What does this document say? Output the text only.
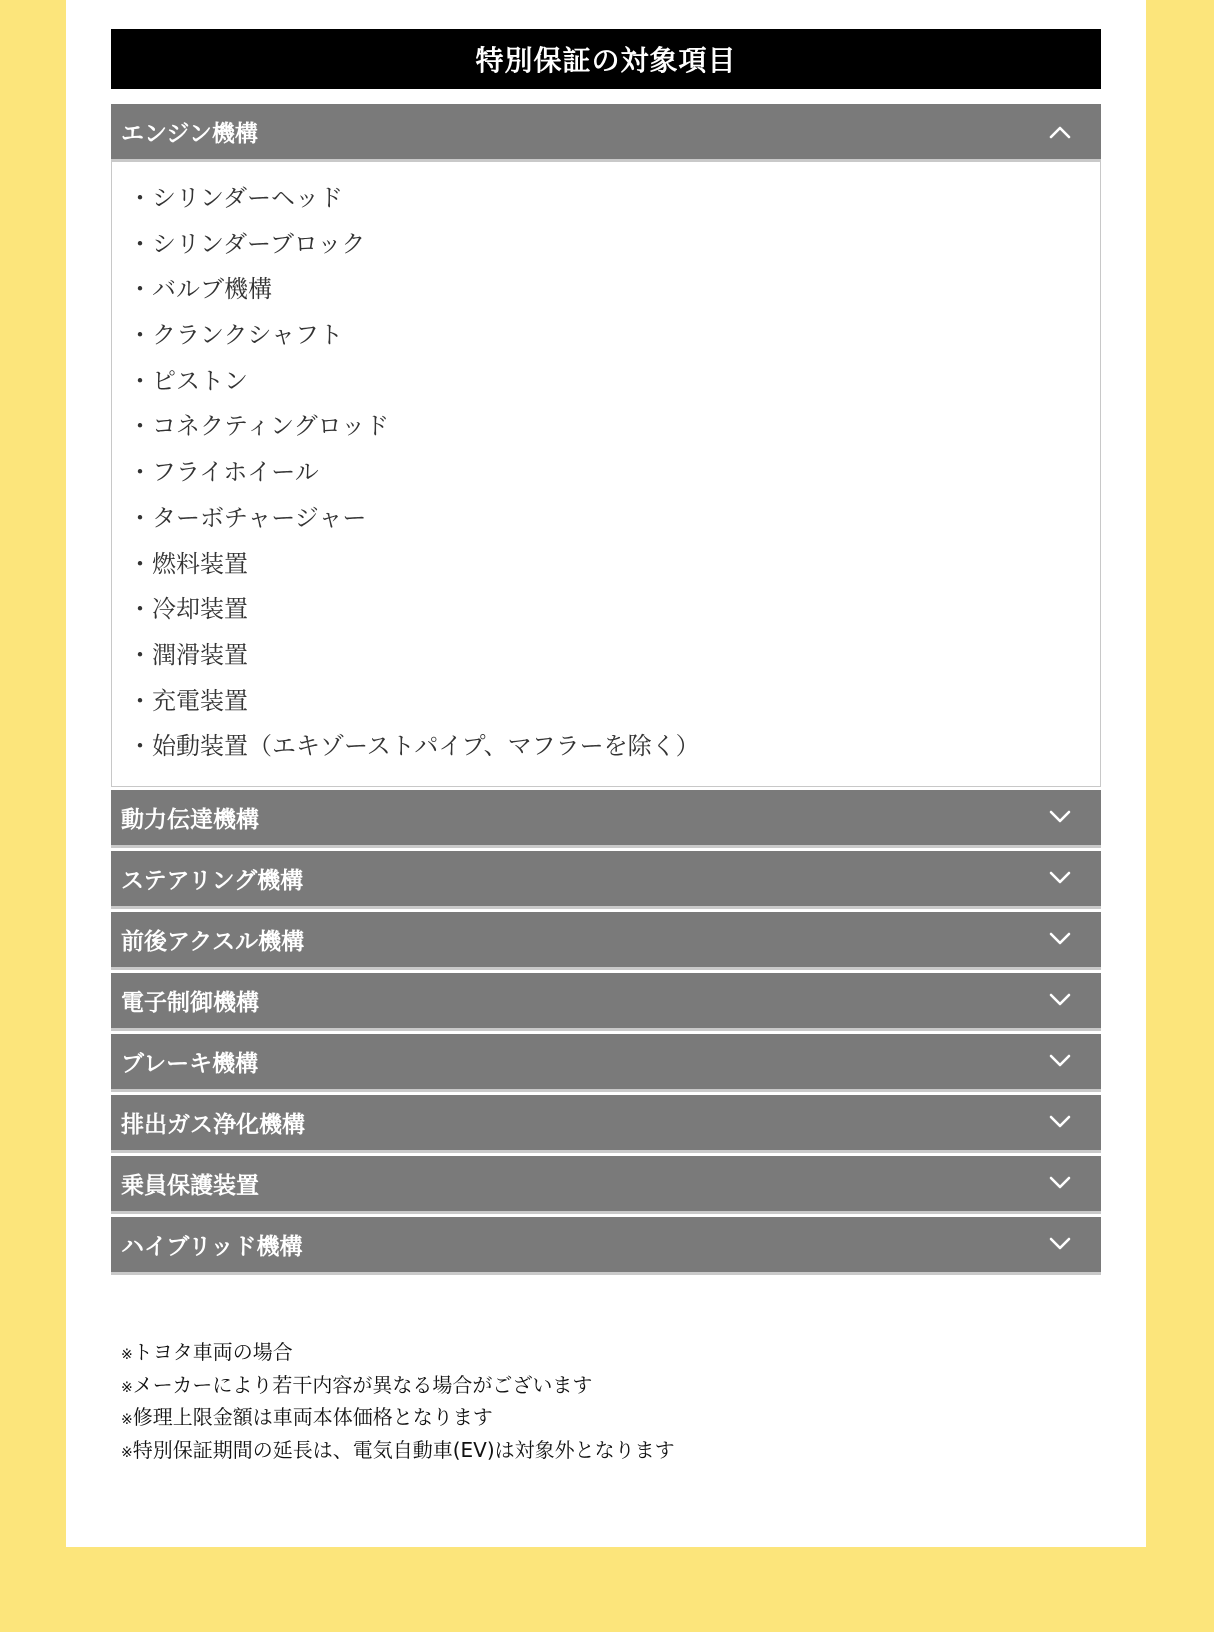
特別保証の対象項目
エンジン機構
・シリンダーヘッド
・シリンダーブロック
・バルブ機構
・クランクシャフト
・ピストン
・コネクティングロッド
・フライホイール
・ターボチャージャー
・燃料装置
・冷却装置
・潤滑装置
・充電装置
・始動装置（エキゾーストパイプ、マフラーを除く）
動力伝達機構
ステアリング機構
前後アクスル機構
電子制御機構
ブレーキ機構
排出ガス浄化機構
乗員保護装置
ハイブリッド機構
※トヨタ車両の場合
※メーカーにより若干内容が異なる場合がございます
※修理上限金額は車両本体価格となります
※特別保証期間の延長は、電気自動車(EV)は対象外となります
